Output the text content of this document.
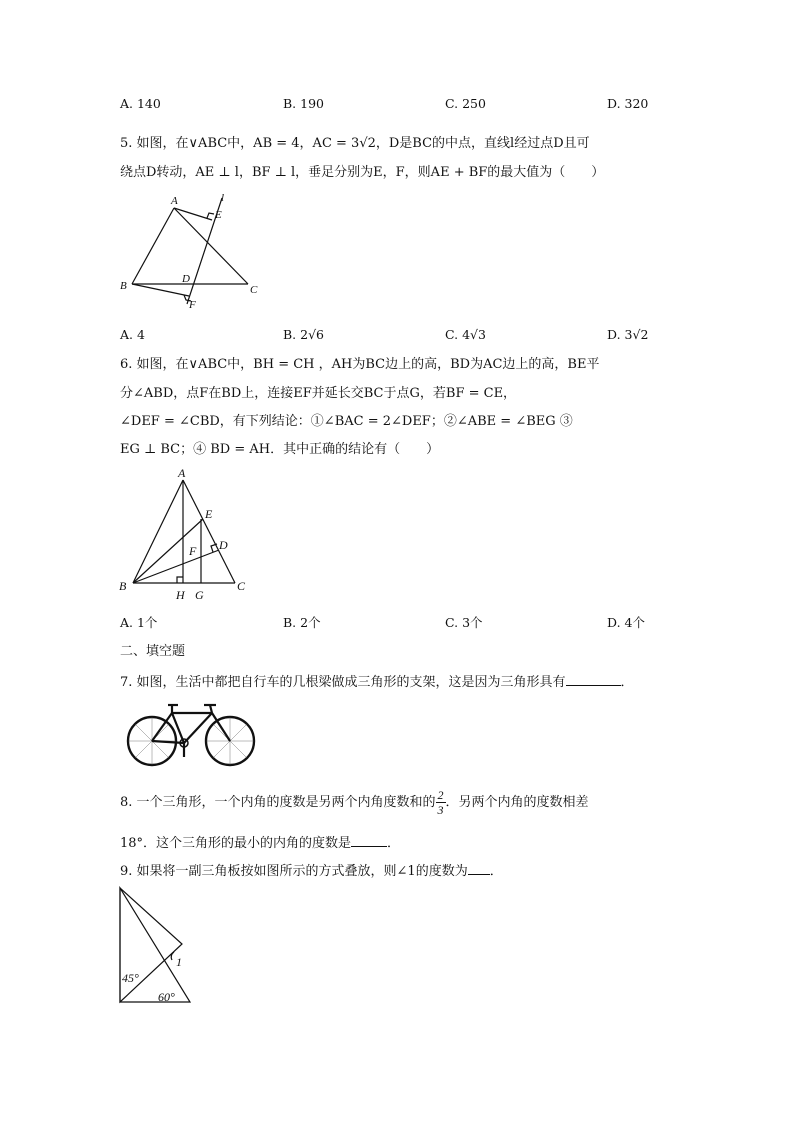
A. 140	B. 190	C. 250	D. 320
5. 如图，在∨ABC中，AB = 4，AC = 3√2，D是BC的中点，直线l经过点D且可
绕点D转动，AE ⊥ l，BF ⊥ l，垂足分别为E，F，则AE + BF的最大值为（　　）
A
B	C
D
E
F
l
A. 4	B. 2√6	C. 4√3	D. 3√2
6. 如图，在∨ABC中，BH = CH ，AH为BC边上的高，BD为AC边上的高，BE平
分∠ABD，点F在BD上，连接EF并延长交BC于点G，若BF = CE，
∠DEF = ∠CBD，有下列结论：①∠BAC = 2∠DEF；②∠ABE = ∠BEG ③
EG ⊥ BC；④ BD = AH．其中正确的结论有（　　）
A
B	C
D
E
F
G
H
A. 1个	B. 2个	C. 3个	D. 4个
二、填空题
7. 如图，生活中都把自行车的几根梁做成三角形的支架，这是因为三角形具有	．
8. 一个三角形，一个内角的度数是另两个内角度数和的 $\frac{2}{3}$ ．另两个内角的度数相差
18°．这个三角形的最小的内角的度数是	．
9. 如果将一副三角板按如图所示的方式叠放，则∠1的度数为 ．
1
45°
60°
